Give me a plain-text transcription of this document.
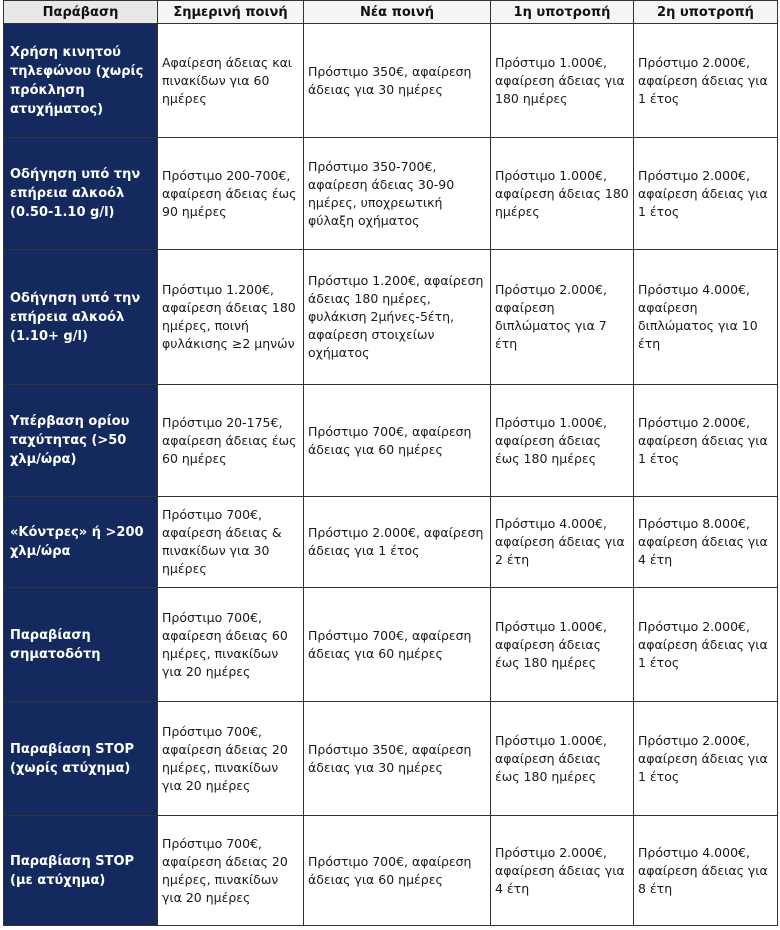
Παράβαση	Σημερινή ποινή	Νέα ποινή	1η υποτροπή	2η υποτροπή
Χρήση κινητού τηλεφώνου (χωρίς πρόκληση ατυχήματος)	Αφαίρεση άδειας και πινακίδων για 60 ημέρες	Πρόστιμο 350€, αφαίρεση άδειας για 30 ημέρες	Πρόστιμο 1.000€, αφαίρεση άδειας για 180 ημέρες	Πρόστιμο 2.000€, αφαίρεση άδειας για 1 έτος
Οδήγηση υπό την επήρεια αλκοόλ (0.50-1.10 g/l)	Πρόστιμο 200-700€, αφαίρεση άδειας έως 90 ημέρες	Πρόστιμο 350-700€, αφαίρεση άδειας 30-90 ημέρες, υποχρεωτική φύλαξη οχήματος	Πρόστιμο 1.000€, αφαίρεση άδειας 180 ημέρες	Πρόστιμο 2.000€, αφαίρεση άδειας για 1 έτος
Οδήγηση υπό την επήρεια αλκοόλ (1.10+ g/l)	Πρόστιμο 1.200€, αφαίρεση άδειας 180 ημέρες, ποινή φυλάκισης ≥2 μηνών	Πρόστιμο 1.200€, αφαίρεση άδειας 180 ημέρες, φυλάκιση 2μήνες-5έτη, αφαίρεση στοιχείων οχήματος	Πρόστιμο 2.000€, αφαίρεση διπλώματος για 7 έτη	Πρόστιμο 4.000€, αφαίρεση διπλώματος για 10 έτη
Υπέρβαση ορίου ταχύτητας (>50 χλμ/ώρα)	Πρόστιμο 20-175€, αφαίρεση άδειας έως 60 ημέρες	Πρόστιμο 700€, αφαίρεση άδειας για 60 ημέρες	Πρόστιμο 1.000€, αφαίρεση άδειας έως 180 ημέρες	Πρόστιμο 2.000€, αφαίρεση άδειας για 1 έτος
«Κόντρες» ή >200 χλμ/ώρα	Πρόστιμο 700€, αφαίρεση άδειας & πινακίδων για 30 ημέρες	Πρόστιμο 2.000€, αφαίρεση άδειας για 1 έτος	Πρόστιμο 4.000€, αφαίρεση άδειας για 2 έτη	Πρόστιμο 8.000€, αφαίρεση άδειας για 4 έτη
Παραβίαση σηματοδότη	Πρόστιμο 700€, αφαίρεση άδειας 60 ημέρες, πινακίδων για 20 ημέρες	Πρόστιμο 700€, αφαίρεση άδειας για 60 ημέρες	Πρόστιμο 1.000€, αφαίρεση άδειας έως 180 ημέρες	Πρόστιμο 2.000€, αφαίρεση άδειας για 1 έτος
Παραβίαση STOP (χωρίς ατύχημα)	Πρόστιμο 700€, αφαίρεση άδειας 20 ημέρες, πινακίδων για 20 ημέρες	Πρόστιμο 350€, αφαίρεση άδειας για 30 ημέρες	Πρόστιμο 1.000€, αφαίρεση άδειας έως 180 ημέρες	Πρόστιμο 2.000€, αφαίρεση άδειας για 1 έτος
Παραβίαση STOP (με ατύχημα)	Πρόστιμο 700€, αφαίρεση άδειας 20 ημέρες, πινακίδων για 20 ημέρες	Πρόστιμο 700€, αφαίρεση άδειας για 60 ημέρες	Πρόστιμο 2.000€, αφαίρεση άδειας για 4 έτη	Πρόστιμο 4.000€, αφαίρεση άδειας για 8 έτη
